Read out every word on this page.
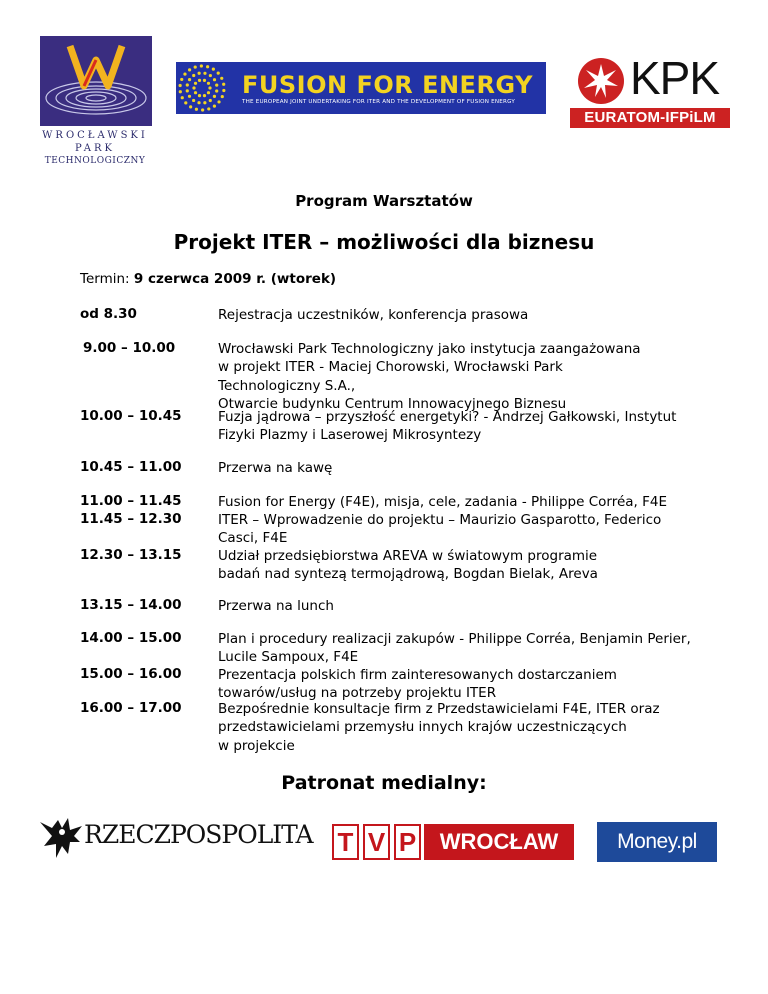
WROCŁAWSKI
PARK
TECHNOLOGICZNY
FUSION FOR ENERGY
THE EUROPEAN JOINT UNDERTAKING FOR ITER AND THE DEVELOPMENT OF FUSION ENERGY	KPK
EURATOM-IFPiLM
Program Warsztatów
Projekt ITER – możliwości dla biznesu
Termin: 9 czerwca 2009 r. (wtorek)
od 8.30	Rejestracja uczestników, konferencja prasowa
9.00 – 10.00	Wrocławski Park Technologiczny jako instytucja zaangażowana
w projekt ITER - Maciej Chorowski, Wrocławski Park
Technologiczny S.A.,
Otwarcie budynku Centrum Innowacyjnego Biznesu
10.00 – 10.45	Fuzja jądrowa – przyszłość energetyki? - Andrzej Gałkowski, Instytut
Fizyki Plazmy i Laserowej Mikrosyntezy
10.45 – 11.00	Przerwa na kawę
11.00 – 11.45	Fusion for Energy (F4E), misja, cele, zadania - Philippe Corréa, F4E
11.45 – 12.30	ITER – Wprowadzenie do projektu – Maurizio Gasparotto, Federico
Casci, F4E
12.30 – 13.15	Udział przedsiębiorstwa AREVA w światowym programie
badań nad syntezą termojądrową, Bogdan Bielak, Areva
13.15 – 14.00	Przerwa na lunch
14.00 – 15.00	Plan i procedury realizacji zakupów - Philippe Corréa, Benjamin Perier,
Lucile Sampoux, F4E
15.00 – 16.00	Prezentacja polskich firm zainteresowanych dostarczaniem
towarów/usług na potrzeby projektu ITER
16.00 – 17.00	Bezpośrednie konsultacje firm z Przedstawicielami F4E, ITER oraz
przedstawicielami przemysłu innych krajów uczestniczących
w projekcie
Patronat medialny:
RZECZPOSPOLITA T V P	WROCŁAW	Money.pl
